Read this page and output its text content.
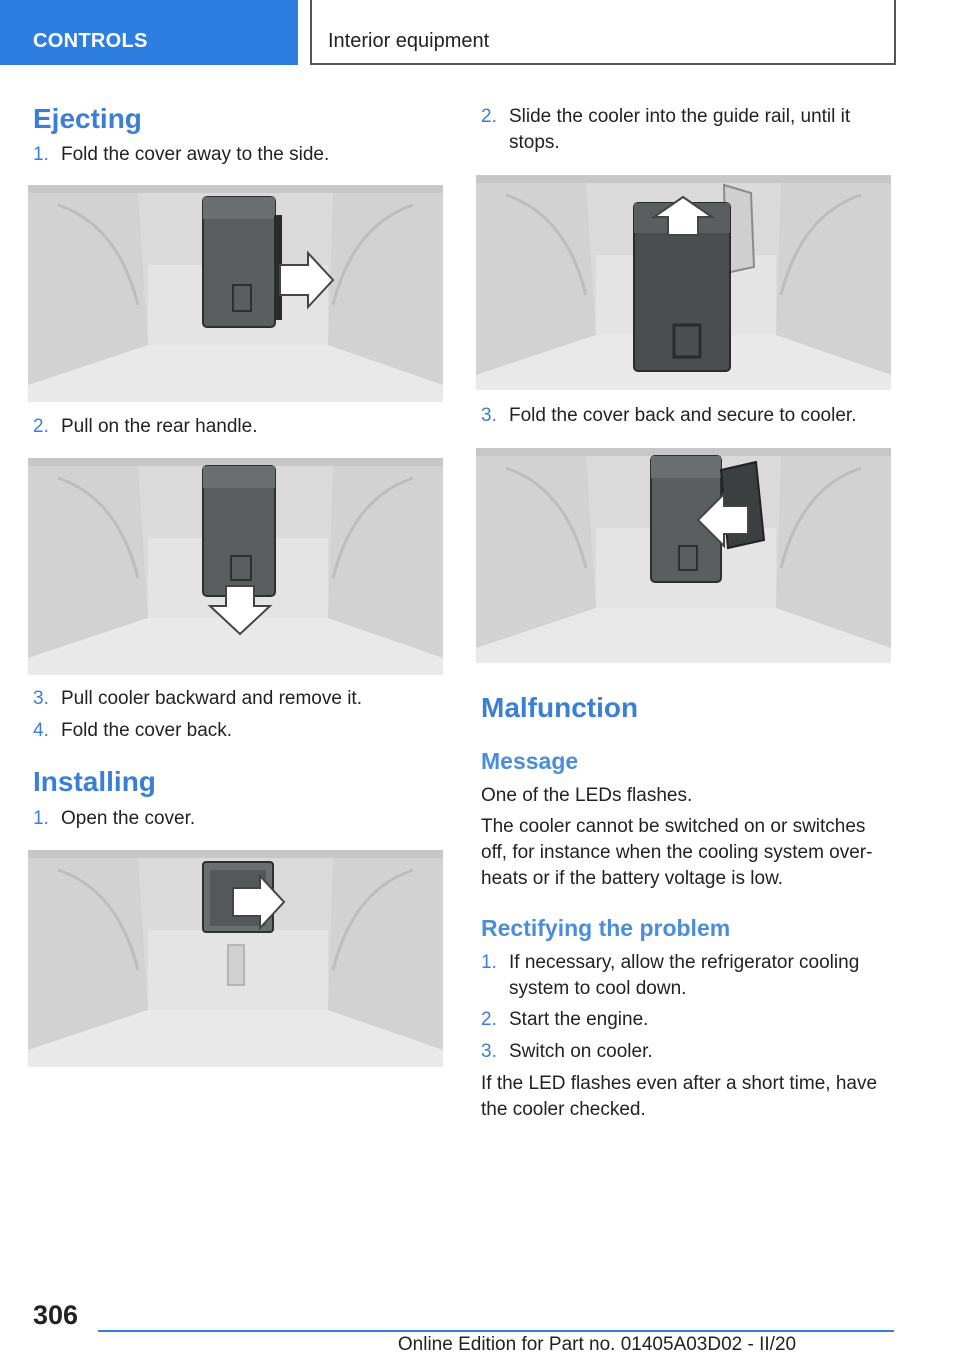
CONTROLS	Interior equipment
Ejecting
1. Fold the cover away to the side.
2. Pull on the rear handle.
3. Pull cooler backward and remove it.
4. Fold the cover back.
Installing
1. Open the cover.
2. Slide the cooler into the guide rail, until it stops.
3. Fold the cover back and secure to cooler.
Malfunction
Message
One of the LEDs flashes.
The cooler cannot be switched on or switches off, for instance when the cooling system over-heats or if the battery voltage is low.
Rectifying the problem
1. If necessary, allow the refrigerator cooling system to cool down.
2. Start the engine.
3. Switch on cooler.
If the LED flashes even after a short time, have the cooler checked.
306
Online Edition for Part no. 01405A03D02 - II/20
